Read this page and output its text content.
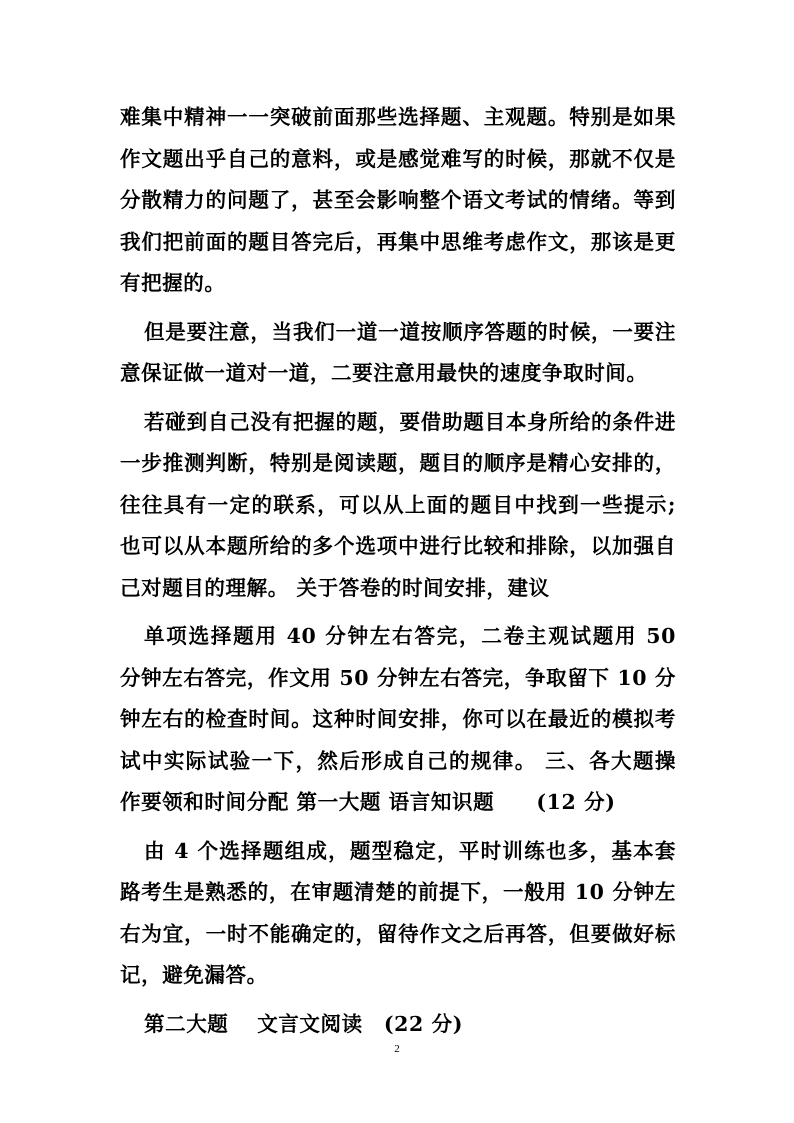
难集中精神一一突破前面那些选择题、主观题。特别是如果作文题出乎自己的意料，或是感觉难写的时候，那就不仅是分散精力的问题了，甚至会影响整个语文考试的情绪。等到我们把前面的题目答完后，再集中思维考虑作文，那该是更有把握的。

但是要注意，当我们一道一道按顺序答题的时候，一要注意保证做一道对一道，二要注意用最快的速度争取时间。

若碰到自己没有把握的题，要借助题目本身所给的条件进一步推测判断，特别是阅读题，题目的顺序是精心安排的，往往具有一定的联系，可以从上面的题目中找到一些提示;也可以从本题所给的多个选项中进行比较和排除，以加强自己对题目的理解。 关于答卷的时间安排，建议

单项选择题用 40 分钟左右答完，二卷主观试题用 50 分钟左右答完，作文用 50 分钟左右答完，争取留下 10 分钟左右的检查时间。这种时间安排，你可以在最近的模拟考试中实际试验一下，然后形成自己的规律。 三、各大题操作要领和时间分配 第一大题 语言知识题　　(12 分)

由 4 个选择题组成，题型稳定，平时训练也多，基本套路考生是熟悉的，在审题清楚的前提下，一般用 10 分钟左右为宜，一时不能确定的，留待作文之后再答，但要做好标记，避免漏答。

第二大题　 文言文阅读　(22 分)

2
